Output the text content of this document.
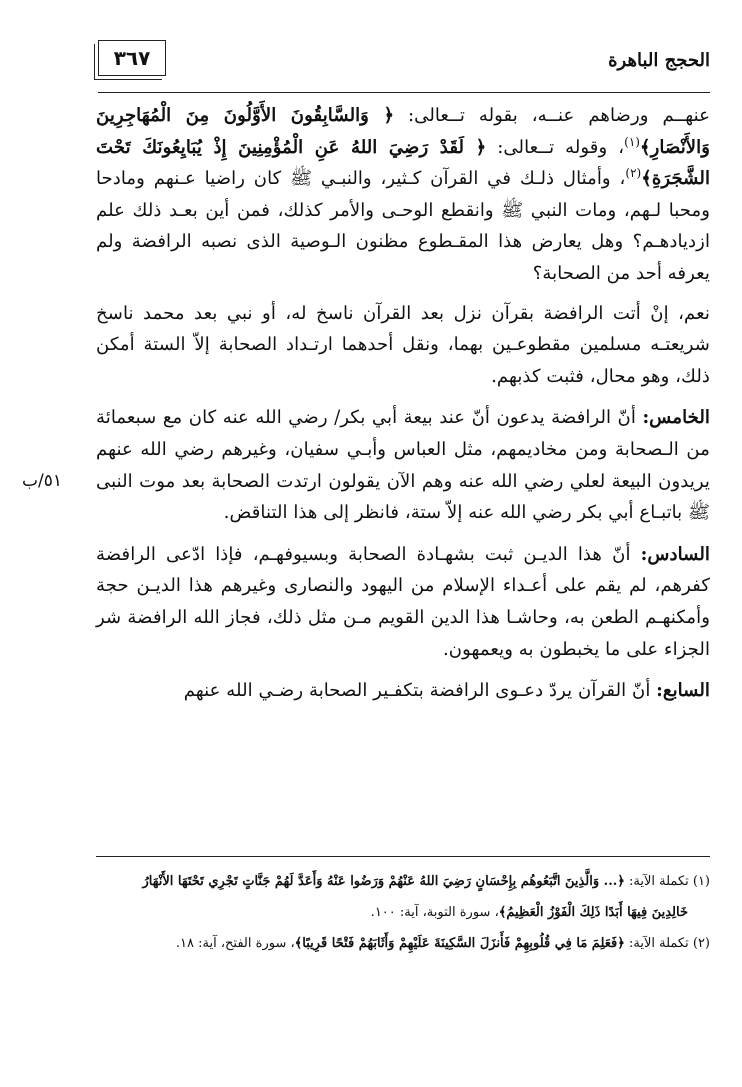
٣٦٧	الحجج الباهرة

عنهــم ورضاهم عنــه، بقوله تــعالى: ﴿ وَالسَّابِقُونَ الأَوَّلُونَ مِنَ الْمُهَاجِرِينَ وَالأَنْصَارِ﴾$^{(١)}$، وقوله تــعالى: ﴿ لَقَدْ رَضِيَ اللهُ عَنِ الْمُؤْمِنِينَ إِذْ يُبَايِعُونَكَ تَحْتَ الشَّجَرَةِ﴾$^{(٢)}$، وأمثال ذلـك في القرآن كـثير، والنبـي ﷺ كان راضيا عـنهم ومادحا ومحبا لـهم، ومات النبي ﷺ وانقطع الوحـى والأمر كذلك، فمن أين بعـد ذلك علم ازديادهـم؟ وهل يعارض هذا المقـطوع مظنون الـوصية الذى نصبه الرافضة ولم يعرفه أحد من الصحابة؟

نعم، إنْ أتت الرافضة بقرآن نزل بعد القرآن ناسخ له، أو نبي بعد محمد ناسخ شريعتـه مسلمين مقطوعـين بهما، ونقل أحدهما ارتـداد الصحابة إلاّ الستة أمكن ذلك، وهو محال، فثبت كذبهم.

الخامس: أنّ الرافضة يدعون أنّ عند بيعة أبي بكر/ رضي الله عنه كان مع سبعمائة من الـصحابة ومن مخاديمهم، مثل العباس وأبـي سفيان، وغيرهم رضي الله عنهم يريدون البيعة لعلي رضي الله عنه وهم الآن يقولون ارتدت الصحابة بعد موت النبى ﷺ باتبـاع أبي بكر رضي الله عنه إلاّ ستة، فانظر إلى هذا التناقض.

السادس: أنّ هذا الديـن ثبت بشهـادة الصحابة وبسيوفهـم، فإذا ادّعى الرافضة كفرهم، لم يقم على أعـداء الإسلام من اليهود والنصارى وغيرهم هذا الديـن حجة وأمكنهـم الطعن به، وحاشـا هذا الدين القويم مـن مثل ذلك، فجاز الله الرافضة شر الجزاء على ما يخبطون به ويعمهون.

السابع: أنّ القرآن يردّ دعـوى الرافضة بتكفـير الصحابة رضـي الله عنهم

٥١/ب

(١) تكملة الآية: ﴿... وَالَّذِينَ اتَّبَعُوهُم بِإِحْسَانٍ رَضِيَ اللهُ عَنْهُمْ وَرَضُوا عَنْهُ وَأَعَدَّ لَهُمْ جَنَّاتٍ تَجْرِي تَحْتَهَا الأَنْهَارُ

خَالِدِينَ فِيهَا أَبَدًا ذَلِكَ الْفَوْزُ الْعَظِيمُ﴾، سورة التوبة، آية: ١٠٠.

(٢) تكملة الآية: ﴿فَعَلِمَ مَا فِي قُلُوبِهِمْ فَأَنزَلَ السَّكِينَةَ عَلَيْهِمْ وَأَثَابَهُمْ فَتْحًا قَرِيبًا﴾، سورة الفتح، آية: ١٨.
